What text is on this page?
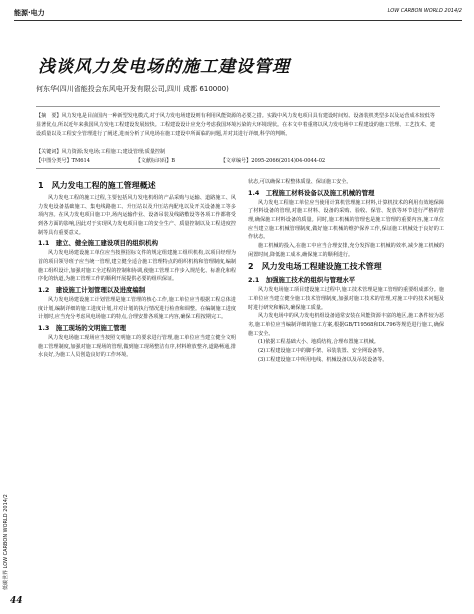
能源·电力	LOW CARBON WORLD 2014/2
低碳世界 LOW CARBON WORLD 2014/2
44
浅谈风力发电场的施工建设管理
何东华(四川省能投会东风电开发有限公司,四川 成都 610000)
【摘　要】风力发电是目前国内一种新型发电模式,对于风力发电场建设则有利用风能资源的必要之措。实践中风力发电项目具有建设时间短、设备装机类型多以及运营成本较低等显著优点,所以近年来我国风力发电工程建设发展较快。工程建设设计应充分考虑我国环境污染的大环境现状。在本文中着重将以风力发电场中工程建设的施工管理、工艺技术、建设质量以及工程安全管理进行了阐述,进而分析了风电场在施工建设中所面临的问题,并对其进行详细,科学的判断。
【关键词】风力资源;发电场;工程施工;建设管理;质量控制
【中图分类号】TM614	【文献标识码】B	【文章编号】2095-2066(2014)04-0044-02
1　风力发电工程的施工管理概述

风力发电工程的施工过程,主要包括风力发电机组的产品采购与运输、道路施工、风力发电设备基础施工、集电线路施工、升压站以及升压站内配电以及开关设备施工等多项内容。在风力发电项目施工中,场内运输作业、设备吊装及线路敷设等各项工作都将受到各方面的影响,因此对于实现风力发电项目施工的安全生产、质量控制以及工程进度控制等具有重要意义。

1.1　建立、健全施工建设项目的组织机构

风力发电场建设施工单位应当按照招标文件的规定组建施工组织机构,以项目经理为首的项目领导班子应当统一管理,建立健全适合施工管理特点的组织机构和管理制度,编制施工组织设计,加强对施工全过程的控制和协调,使施工管理工作步入规范化、标准化和程序化的轨道,为施工管理工作的顺利开展提供必要的组织保证。

1.2　建设施工计划管理以及进度编制

风力发电场建设施工计划管理是施工管理的核心工作,施工单位应当根据工程总体进度计划,编制详细的施工进度计划,并对计划的执行情况进行检查和调整。在编制施工进度计划时,应当充分考虑风电场施工的特点,合理安排各项施工内容,确保工程按期完工。

1.3　施工现场的文明施工管理

风力发电场施工现场应当按照文明施工的要求进行管理,施工单位应当建立健全文明施工管理制度,加强对施工现场的管理,做到施工现场整洁有序,材料堆放整齐,道路畅通,排水良好,为施工人员创造良好的工作环境。

状态,可以确保工程整体质量、保证施工安全。

1.4　工程施工材料设备以及施工机械的管理

风力发电工程施工单位应当使用计算机管理施工材料,计算机技术的利用有效地保障了材料设备的管理,对施工材料、设备的采购、验收、保管、发放等环节进行严格的管理,确保施工材料设备的质量。同时,施工机械的管理也是施工管理的重要内容,施工单位应当建立施工机械管理制度,做好施工机械的维护保养工作,保证施工机械处于良好的工作状态。

施工机械的投入,在施工中应当合理安排,充分发挥施工机械的效率,减少施工机械的闲置时间,降低施工成本,确保施工的顺利进行。

2　风力发电场工程建设施工技术管理
2.1　加强施工技术的组织与管理水平

风力发电场施工项目建设施工过程中,施工技术管理是施工管理的重要组成部分。施工单位应当建立健全施工技术管理制度,加强对施工技术的管理,对施工中的技术问题及时进行研究和解决,确保施工质量。

风力发电场中的风力发电机组设备通常安装在风能资源丰富的地区,施工条件较为恶劣,施工单位应当编制详细的施工方案,根据GB/T19568和DL796等规范进行施工,确保施工安全。

(1)依据工程基础大小、地质结构,合理布置施工机械。

(2)工程建设施工中的脚手架、吊装装置、安全网设备等。

(3)工程建设施工中所用电线、机械设备以及吊装设备等。
